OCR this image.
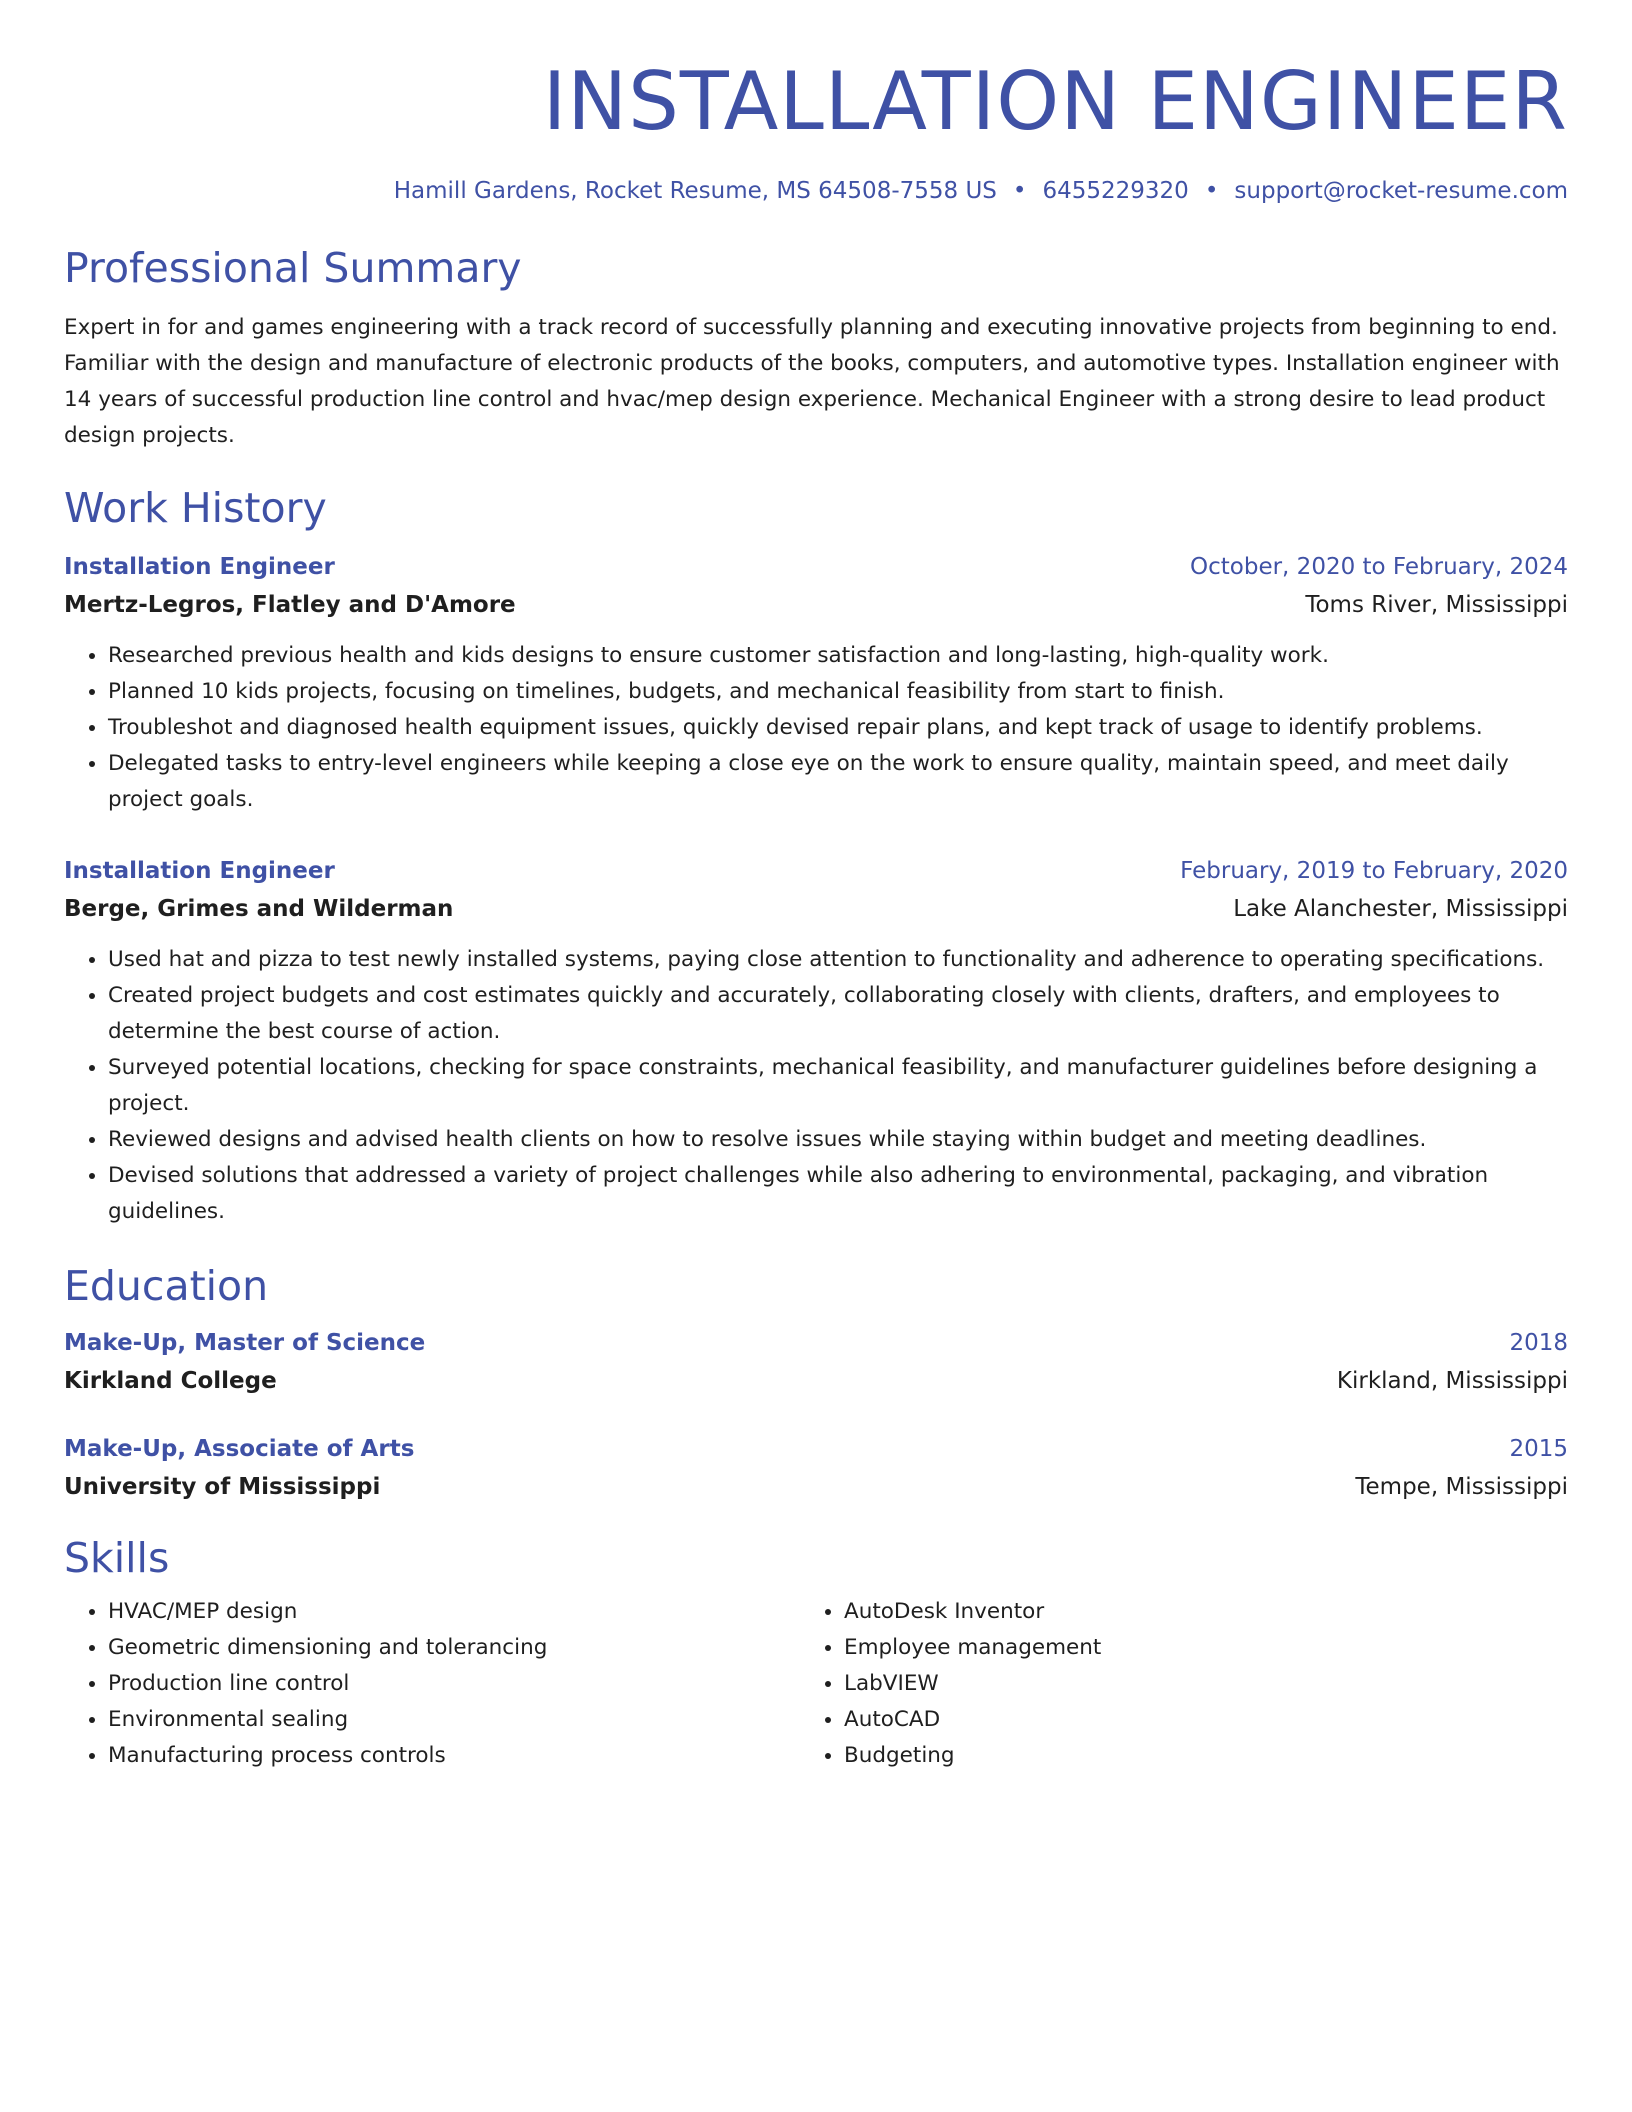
INSTALLATION ENGINEER
Hamill Gardens, Rocket Resume, MS 64508-7558 US • 6455229320 • support@rocket-resume.com
Professional Summary

Expert in for and games engineering with a track record of successfully planning and executing innovative projects from beginning to end. Familiar with the design and manufacture of electronic products of the books, computers, and automotive types. Installation engineer with 14 years of successful production line control and hvac/mep design experience. Mechanical Engineer with a strong desire to lead product design projects.

Work History
Installation Engineer	October, 2020 to February, 2024
Mertz-Legros, Flatley and D'Amore	Toms River, Mississippi
• Researched previous health and kids designs to ensure customer satisfaction and long-lasting, high-quality work.
• Planned 10 kids projects, focusing on timelines, budgets, and mechanical feasibility from start to finish.
• Troubleshot and diagnosed health equipment issues, quickly devised repair plans, and kept track of usage to identify problems.
• Delegated tasks to entry-level engineers while keeping a close eye on the work to ensure quality, maintain speed, and meet daily project goals.
Installation Engineer	February, 2019 to February, 2020
Berge, Grimes and Wilderman	Lake Alanchester, Mississippi
• Used hat and pizza to test newly installed systems, paying close attention to functionality and adherence to operating specifications.
• Created project budgets and cost estimates quickly and accurately, collaborating closely with clients, drafters, and employees to determine the best course of action.
• Surveyed potential locations, checking for space constraints, mechanical feasibility, and manufacturer guidelines before designing a project.
• Reviewed designs and advised health clients on how to resolve issues while staying within budget and meeting deadlines.
• Devised solutions that addressed a variety of project challenges while also adhering to environmental, packaging, and vibration guidelines.
Education
Make-Up, Master of Science	2018
Kirkland College	Kirkland, Mississippi
Make-Up, Associate of Arts	2015
University of Mississippi	Tempe, Mississippi
Skills
• HVAC/MEP design
• Geometric dimensioning and tolerancing
• Production line control
• Environmental sealing
• Manufacturing process controls
• AutoDesk Inventor
• Employee management
• LabVIEW
• AutoCAD
• Budgeting
